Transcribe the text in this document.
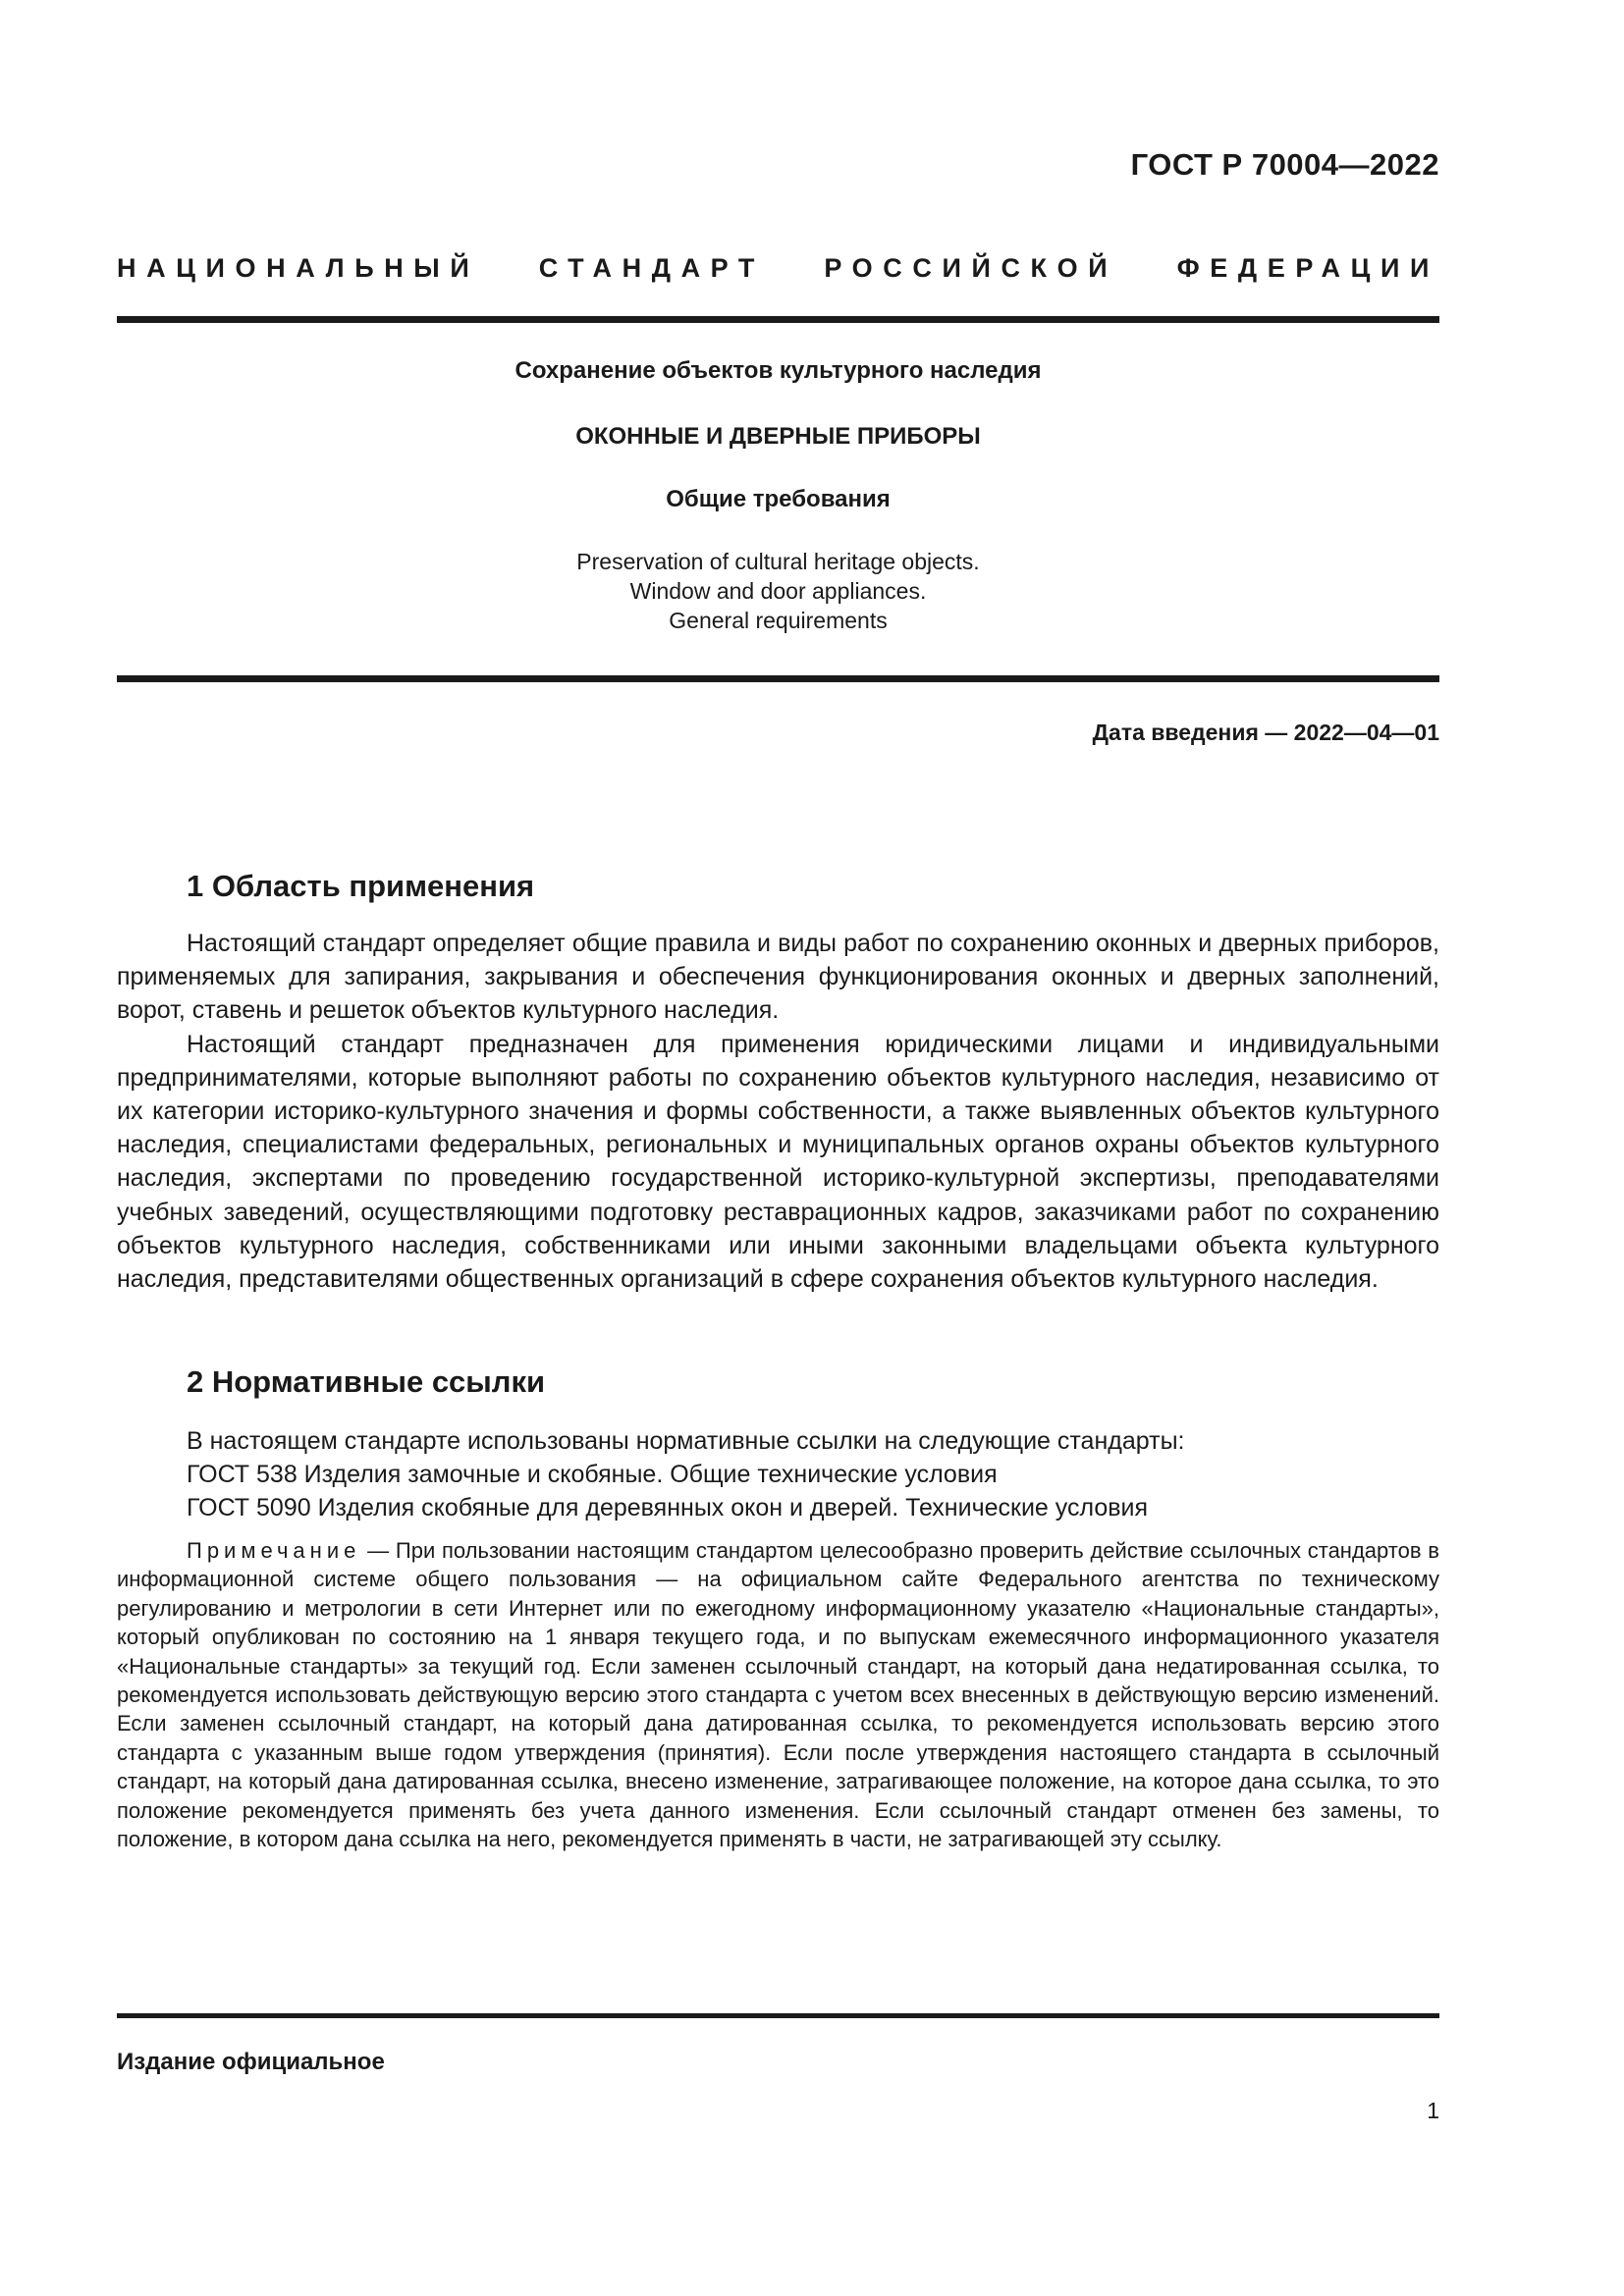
ГОСТ Р 70004—2022

НАЦИОНАЛЬНЫЙ СТАНДАРТ РОССИЙСКОЙ ФЕДЕРАЦИИ

Сохранение объектов культурного наследия

ОКОННЫЕ И ДВЕРНЫЕ ПРИБОРЫ

Общие требования

Preservation of cultural heritage objects.
Window and door appliances.
General requirements

Дата введения — 2022—04—01

1 Область применения

Настоящий стандарт определяет общие правила и виды работ по сохранению оконных и дверных приборов, применяемых для запирания, закрывания и обеспечения функционирования оконных и дверных заполнений, ворот, ставень и решеток объектов культурного наследия.

Настоящий стандарт предназначен для применения юридическими лицами и индивидуальными предпринимателями, которые выполняют работы по сохранению объектов культурного наследия, независимо от их категории историко-культурного значения и формы собственности, а также выявленных объектов культурного наследия, специалистами федеральных, региональных и муниципальных органов охраны объектов культурного наследия, экспертами по проведению государственной историко-культурной экспертизы, преподавателями учебных заведений, осуществляющими подготовку реставрационных кадров, заказчиками работ по сохранению объектов культурного наследия, собственниками или иными законными владельцами объекта культурного наследия, представителями общественных организаций в сфере сохранения объектов культурного наследия.

2 Нормативные ссылки
В настоящем стандарте использованы нормативные ссылки на следующие стандарты:
ГОСТ 538 Изделия замочные и скобяные. Общие технические условия
ГОСТ 5090 Изделия скобяные для деревянных окон и дверей. Технические условия

Примечание — При пользовании настоящим стандартом целесообразно проверить действие ссылочных стандартов в информационной системе общего пользования — на официальном сайте Федерального агентства по техническому регулированию и метрологии в сети Интернет или по ежегодному информационному указателю «Национальные стандарты», который опубликован по состоянию на 1 января текущего года, и по выпускам ежемесячного информационного указателя «Национальные стандарты» за текущий год. Если заменен ссылочный стандарт, на который дана недатированная ссылка, то рекомендуется использовать действующую версию этого стандарта с учетом всех внесенных в действующую версию изменений. Если заменен ссылочный стандарт, на который дана датированная ссылка, то рекомендуется использовать версию этого стандарта с указанным выше годом утверждения (принятия). Если после утверждения настоящего стандарта в ссылочный стандарт, на который дана датированная ссылка, внесено изменение, затрагивающее положение, на которое дана ссылка, то это положение рекомендуется применять без учета данного изменения. Если ссылочный стандарт отменен без замены, то положение, в котором дана ссылка на него, рекомендуется применять в части, не затрагивающей эту ссылку.

Издание официальное

1
